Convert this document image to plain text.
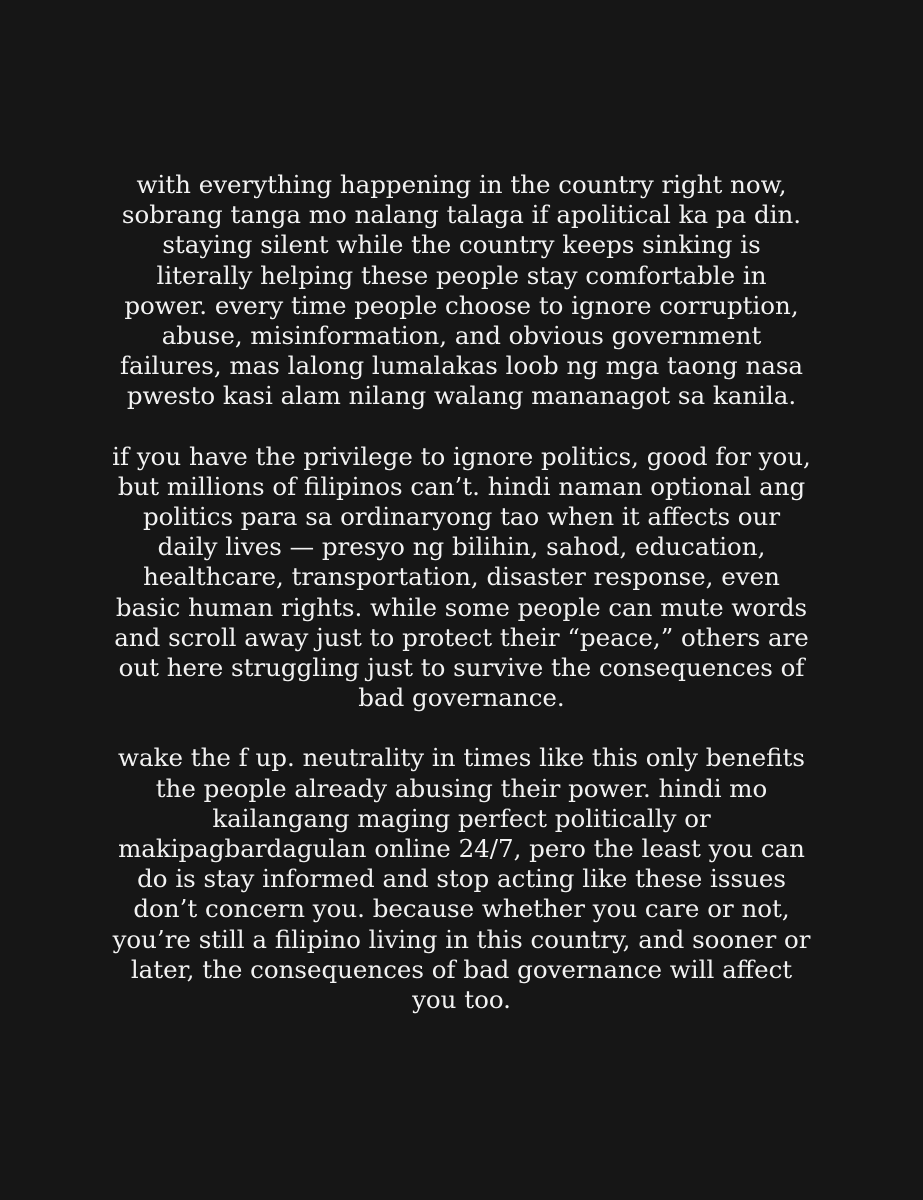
with everything happening in the country right now,
sobrang tanga mo nalang talaga if apolitical ka pa din.
staying silent while the country keeps sinking is
literally helping these people stay comfortable in
power. every time people choose to ignore corruption,
abuse, misinformation, and obvious government
failures, mas lalong lumalakas loob ng mga taong nasa
pwesto kasi alam nilang walang mananagot sa kanila.

if you have the privilege to ignore politics, good for you,
but millions of filipinos can’t. hindi naman optional ang
politics para sa ordinaryong tao when it affects our
daily lives — presyo ng bilihin, sahod, education,
healthcare, transportation, disaster response, even
basic human rights. while some people can mute words
and scroll away just to protect their “peace,” others are
out here struggling just to survive the consequences of
bad governance.

wake the f up. neutrality in times like this only benefits
the people already abusing their power. hindi mo
kailangang maging perfect politically or
makipagbardagulan online 24/7, pero the least you can
do is stay informed and stop acting like these issues
don’t concern you. because whether you care or not,
you’re still a filipino living in this country, and sooner or
later, the consequences of bad governance will affect
you too.
